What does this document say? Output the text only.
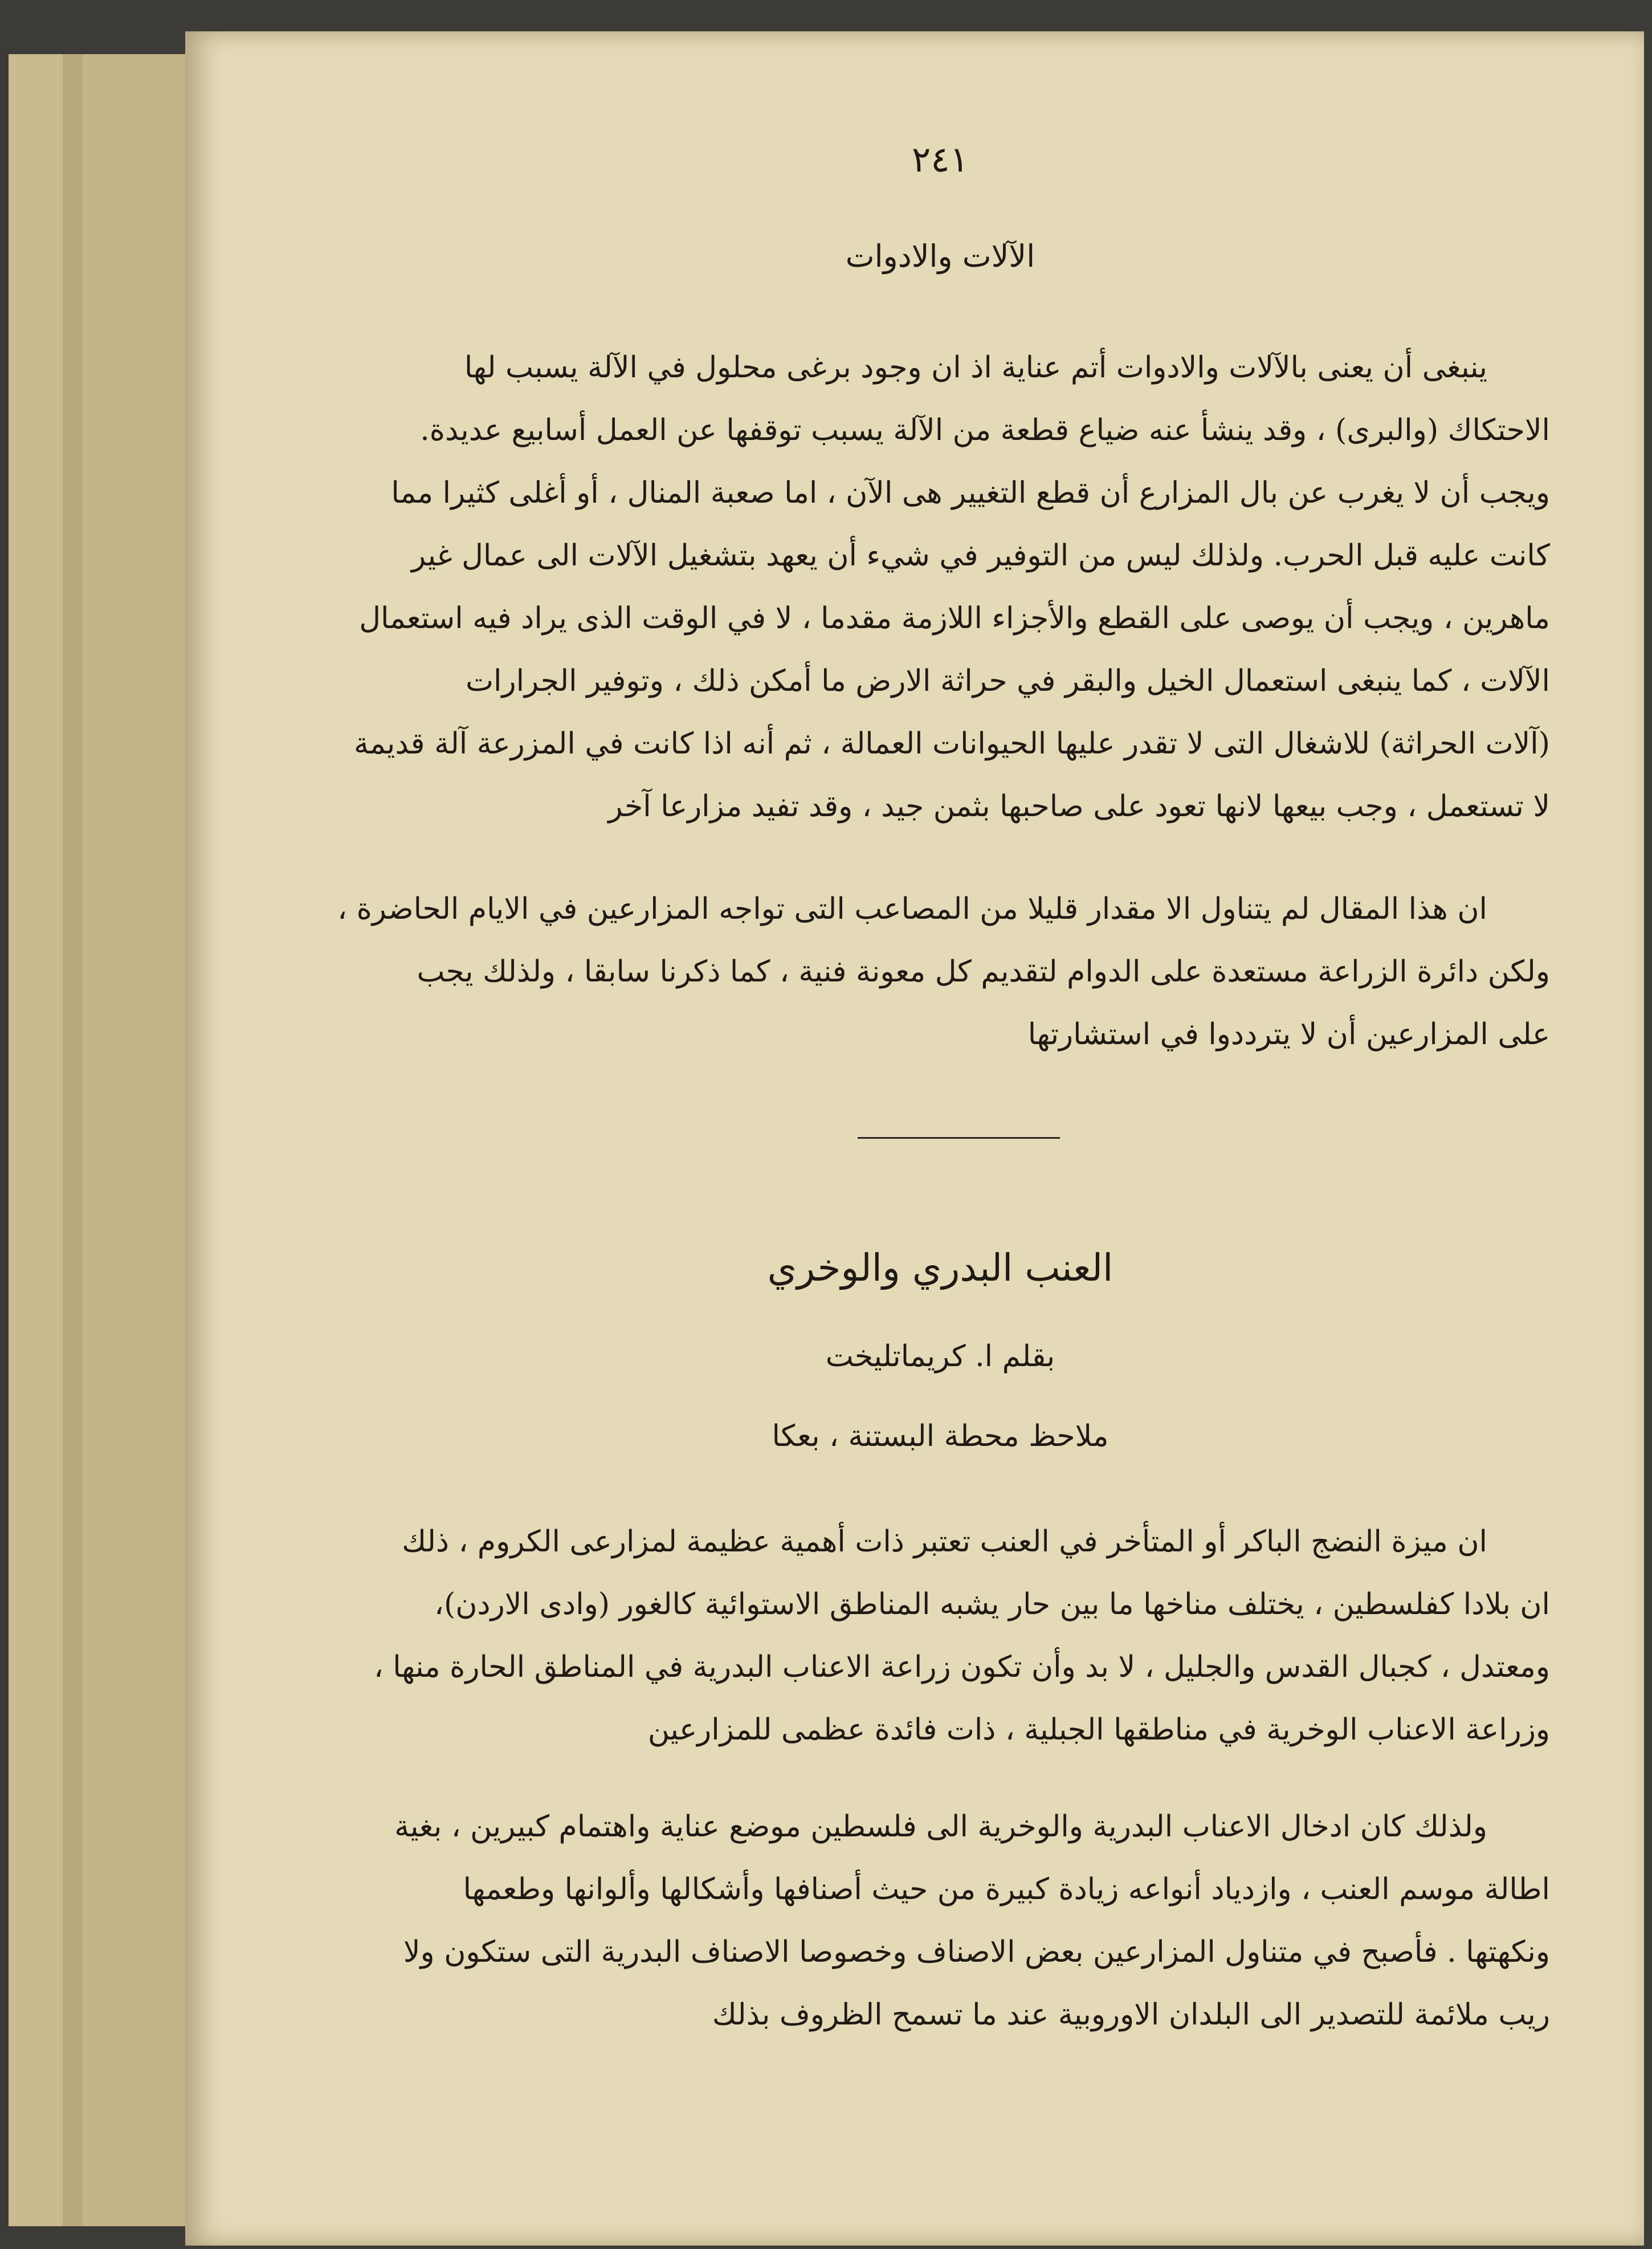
٢٤١
الآلات والادوات
ينبغى أن يعنى بالآلات والادوات أتم عناية اذ ان وجود برغى محلول في الآلة يسبب لها
الاحتكاك (والبرى) ، وقد ينشأ عنه ضياع قطعة من الآلة يسبب توقفها عن العمل أسابيع عديدة.
ويجب أن لا يغرب عن بال المزارع أن قطع التغيير هى الآن ، اما صعبة المنال ، أو أغلى كثيرا مما
كانت عليه قبل الحرب. ولذلك ليس من التوفير في شيء أن يعهد بتشغيل الآلات الى عمال غير
ماهرين ، ويجب أن يوصى على القطع والأجزاء اللازمة مقدما ، لا في الوقت الذى يراد فيه استعمال
الآلات ، كما ينبغى استعمال الخيل والبقر في حراثة الارض ما أمكن ذلك ، وتوفير الجرارات
(آلات الحراثة) للاشغال التى لا تقدر عليها الحيوانات العمالة ، ثم أنه اذا كانت في المزرعة آلة قديمة
لا تستعمل ، وجب بيعها لانها تعود على صاحبها بثمن جيد ، وقد تفيد مزارعا آخر
ان هذا المقال لم يتناول الا مقدار قليلا من المصاعب التى تواجه المزارعين في الايام الحاضرة ،
ولكن دائرة الزراعة مستعدة على الدوام لتقديم كل معونة فنية ، كما ذكرنا سابقا ، ولذلك يجب
على المزارعين أن لا يترددوا في استشارتها
العنب البدري والوخري
بقلم ا. كريماتليخت
ملاحظ محطة البستنة ، بعكا
ان ميزة النضج الباكر أو المتأخر في العنب تعتبر ذات أهمية عظيمة لمزارعى الكروم ، ذلك
ان بلادا كفلسطين ، يختلف مناخها ما بين حار يشبه المناطق الاستوائية كالغور (وادى الاردن)،
ومعتدل ، كجبال القدس والجليل ، لا بد وأن تكون زراعة الاعناب البدرية في المناطق الحارة منها ،
وزراعة الاعناب الوخرية في مناطقها الجبلية ، ذات فائدة عظمى للمزارعين
ولذلك كان ادخال الاعناب البدرية والوخرية الى فلسطين موضع عناية واهتمام كبيرين ، بغية
اطالة موسم العنب ، وازدياد أنواعه زيادة كبيرة من حيث أصنافها وأشكالها وألوانها وطعمها
ونكهتها . فأصبح في متناول المزارعين بعض الاصناف وخصوصا الاصناف البدرية التى ستكون ولا
ريب ملائمة للتصدير الى البلدان الاوروبية عند ما تسمح الظروف بذلك
